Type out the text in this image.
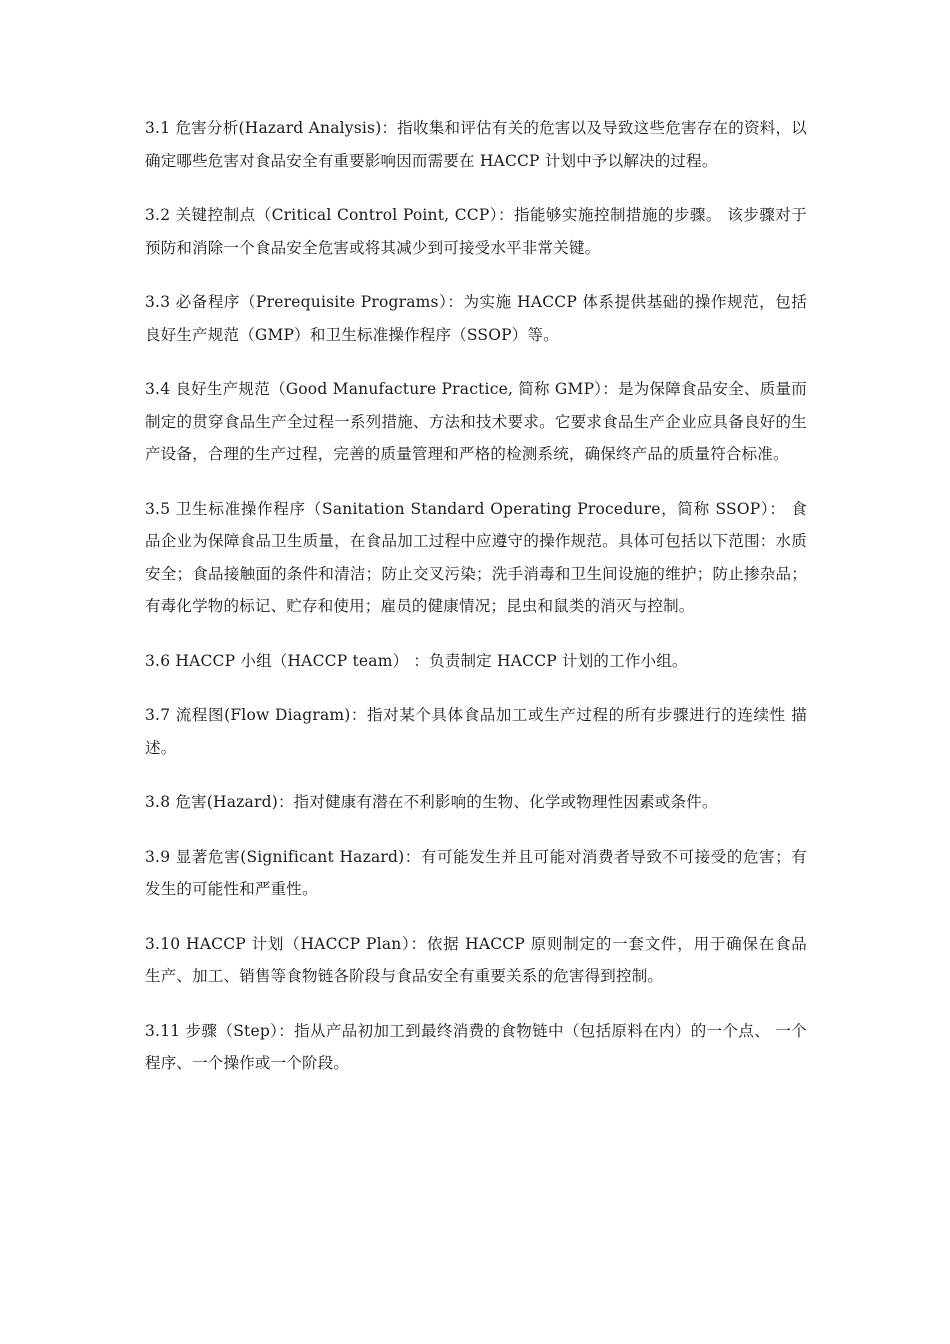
3.1 危害分析(Hazard Analysis)：指收集和评估有关的危害以及导致这些危害存在的资料，以确定哪些危害对食品安全有重要影响因而需要在 HACCP 计划中予以解决的过程。

3.2 关键控制点（Critical Control Point, CCP）：指能够实施控制措施的步骤。 该步骤对于预防和消除一个食品安全危害或将其减少到可接受水平非常关键。

3.3 必备程序（Prerequisite Programs）：为实施 HACCP 体系提供基础的操作规范，包括 良好生产规范（GMP）和卫生标准操作程序（SSOP）等。

3.4 良好生产规范（Good Manufacture Practice, 简称 GMP）：是为保障食品安全、质量而 制定的贯穿食品生产全过程一系列措施、方法和技术要求。它要求食品生产企业应具备良好的生产设备，合理的生产过程，完善的质量管理和严格的检测系统，确保终产品的质量符合标准。

3.5 卫生标准操作程序（Sanitation Standard Operating Procedure，简称 SSOP）： 食品企业为保障食品卫生质量，在食品加工过程中应遵守的操作规范。具体可包括以下范围：水质安全；食品接触面的条件和清洁；防止交叉污染；洗手消毒和卫生间设施的维护；防止掺杂品；有毒化学物的标记、贮存和使用；雇员的健康情况；昆虫和鼠类的消灭与控制。

3.6 HACCP 小组（HACCP team） ：负责制定 HACCP 计划的工作小组。

3.7 流程图(Flow Diagram)：指对某个具体食品加工或生产过程的所有步骤进行的连续性 描述。

3.8 危害(Hazard)：指对健康有潜在不利影响的生物、化学或物理性因素或条件。

3.9 显著危害(Significant Hazard)：有可能发生并且可能对消费者导致不可接受的危害；有发生的可能性和严重性。

3.10 HACCP 计划（HACCP Plan）：依据 HACCP 原则制定的一套文件，用于确保在食品 生产、加工、销售等食物链各阶段与食品安全有重要关系的危害得到控制。

3.11 步骤（Step）：指从产品初加工到最终消费的食物链中（包括原料在内）的一个点、 一个程序、一个操作或一个阶段。
